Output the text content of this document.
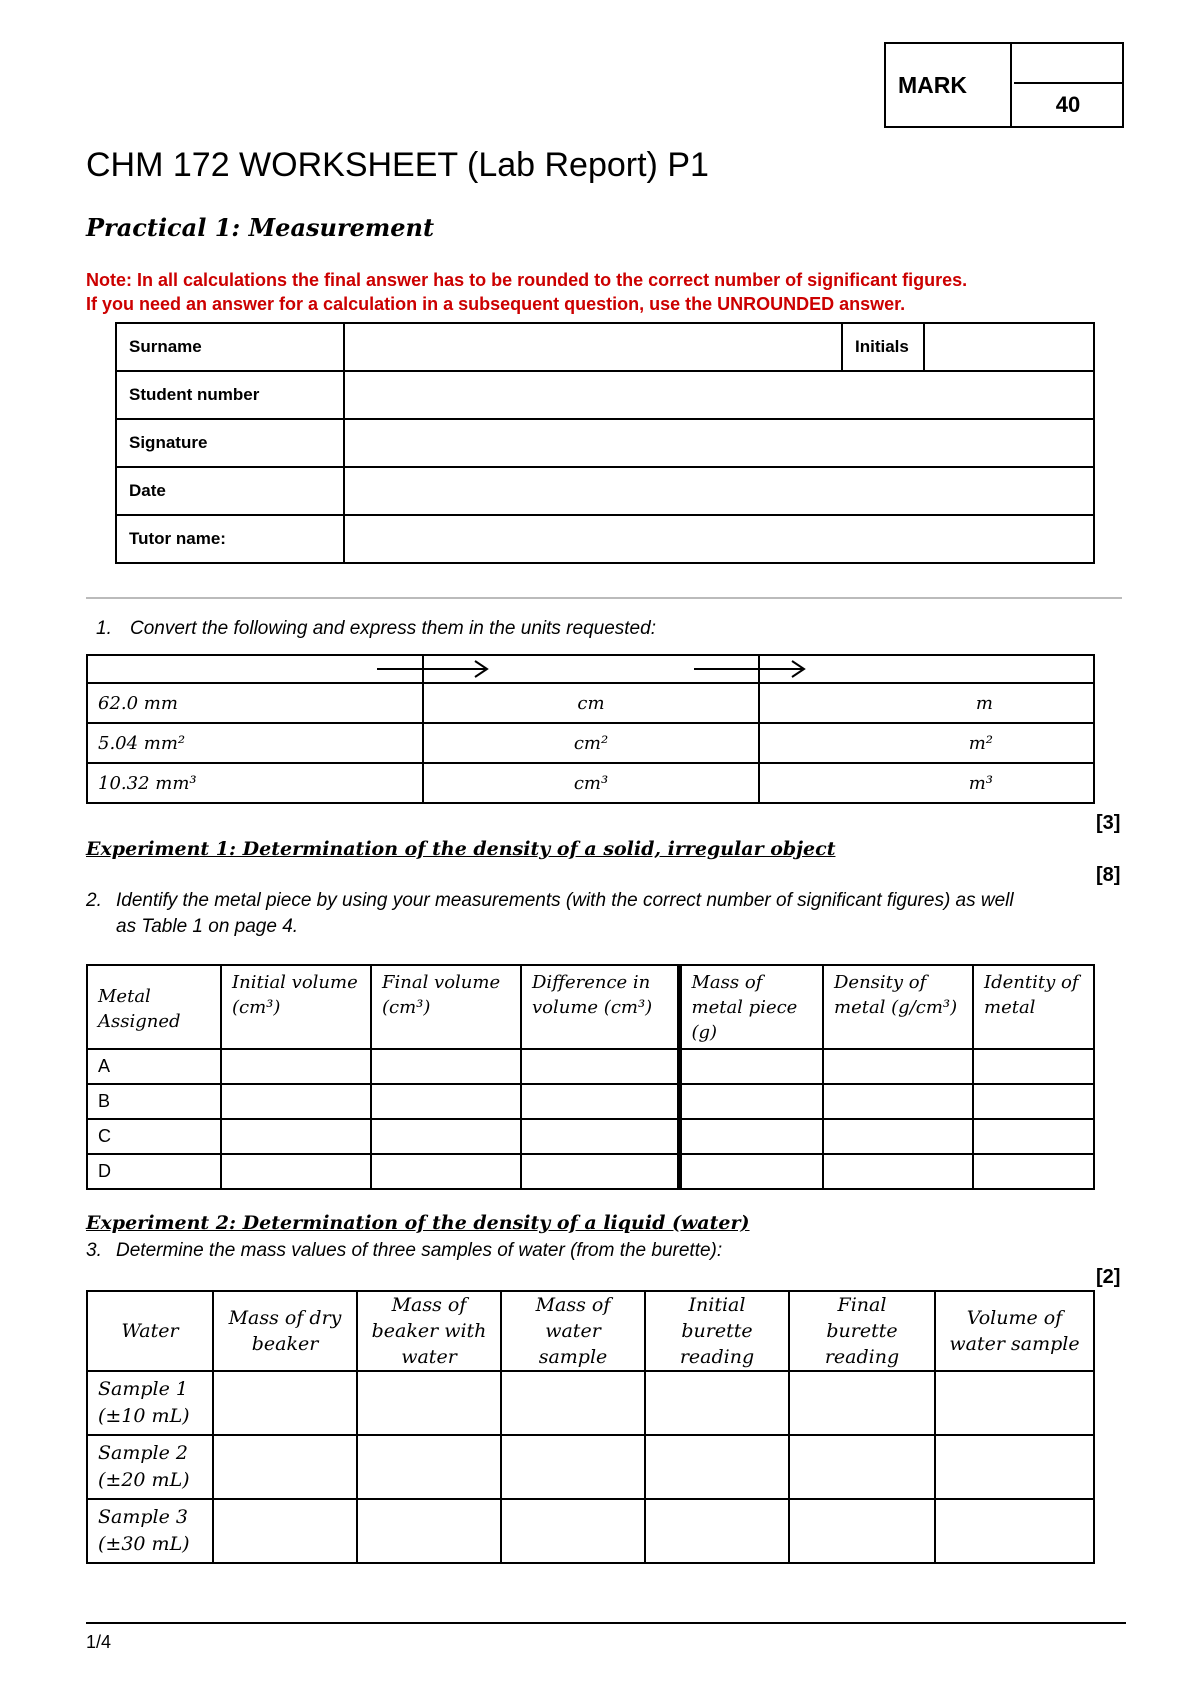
MARK
40
CHM 172 WORKSHEET (Lab Report) P1
Practical 1: Measurement
Note: In all calculations the final answer has to be rounded to the correct number of significant figures.
If you need an answer for a calculation in a subsequent question, use the UNROUNDED answer.
Surname		Initials	
Student number			
Signature			
Date			
Tutor name:			
1. Convert the following and express them in the units requested:

62.0 mm	cm	m
5.04 mm²	cm²	m²
10.32 mm³	cm³	m³
[3]
Experiment 1: Determination of the density of a solid, irregular object
[8]
2. Identify the metal piece by using your measurements (with the correct number of significant figures) as well
as Table 1 on page 4.
Metal Assigned	Initial volume (cm³)	Final volume (cm³)	Difference in volume (cm³)	Mass of metal piece (g)	Density of metal (g/cm³)	Identity of metal
A						
B						
C						
D						
Experiment 2: Determination of the density of a liquid (water)
3. Determine the mass values of three samples of water (from the burette):
[2]
Water	Mass of dry beaker	Mass of beaker with water	Mass of water sample	Initial burette reading	Final burette reading	Volume of water sample
Sample 1
(±10 mL)						
Sample 2
(±20 mL)						
Sample 3
(±30 mL)						
1/4
